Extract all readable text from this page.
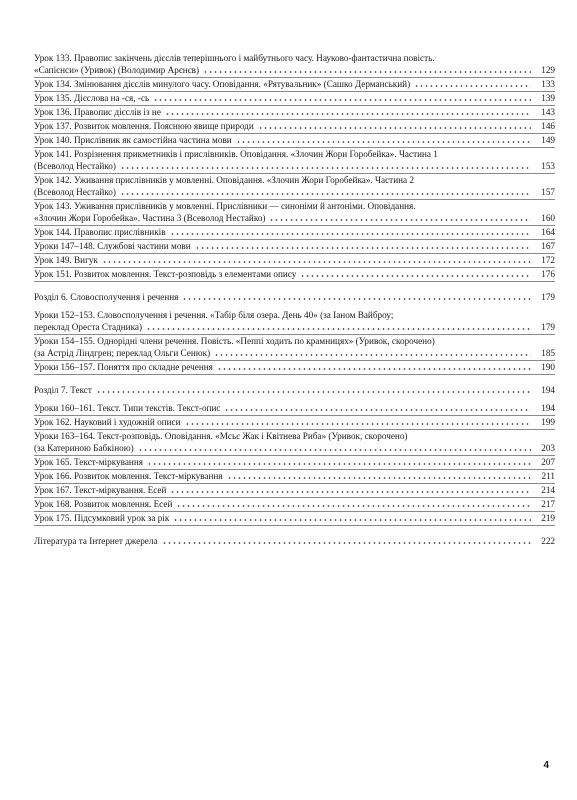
Урок 133. Правопис закінчень дієслів теперішнього і майбутнього часу. Науково-фантастична повість.
«Сапієнси» (Уривок) (Володимир Арєнєв)	129
Урок 134. Змінювання дієслів минулого часу. Оповідання. «Рятувальник» (Сашко Дерманський)	133
Урок 135. Дієслова на -ся, -сь	139
Урок 136. Правопис дієслів із не	143
Урок 137. Розвиток мовлення. Пояснюю явище природи	146
Урок 140. Прислівник як самостійна частина мови	149
Урок 141. Розрізнення прикметників і прислівників. Оповідання. «Злочин Жори Горобейка». Частина 1
(Всеволод Нестайко)	153
Урок 142. Уживання прислівників у мовленні. Оповідання. «Злочин Жори Горобейка». Частина 2
(Всеволод Нестайко)	157
Урок 143. Уживання прислівників у мовленні. Прислівники — синоніми й антоніми. Оповідання.
«Злочин Жори Горобейка». Частина 3 (Всеволод Нестайко)	160
Урок 144. Правопис прислівників	164
Уроки 147–148. Службові частини мови	167
Урок 149. Вигук	172
Урок 151. Розвиток мовлення. Текст-розповідь з елементами опису	176
Розділ 6. Словосполучення і речення	179
Уроки 152–153. Словосполучення і речення. «Табір біля озера. День 40» (за Іаном Вайброу;
переклад Ореста Стадника)	179
Уроки 154–155. Однорідні члени речення. Повість. «Пеппі ходить по крамницях» (Уривок, скорочено)
(за Астрід Ліндгрен; переклад Ольги Сенюк)	185
Уроки 156–157. Поняття про складне речення	190
Розділ 7. Текст	194
Уроки 160–161. Текст. Типи текстів. Текст-опис	194
Урок 162. Науковий і художній описи	199
Уроки 163–164. Текст-розповідь. Оповідання. «Мсьє Жак і Квітнева Риба» (Уривок, скорочено)
(за Катериною Бабкіною)	203
Урок 165. Текст-міркування	207
Урок 166. Розвиток мовлення. Текст-міркування	211
Урок 167. Текст-міркування. Есей	214
Урок 168. Розвиток мовлення. Есей	217
Урок 175. Підсумковий урок за рік	219
Література та Інтернет джерела	222
4
